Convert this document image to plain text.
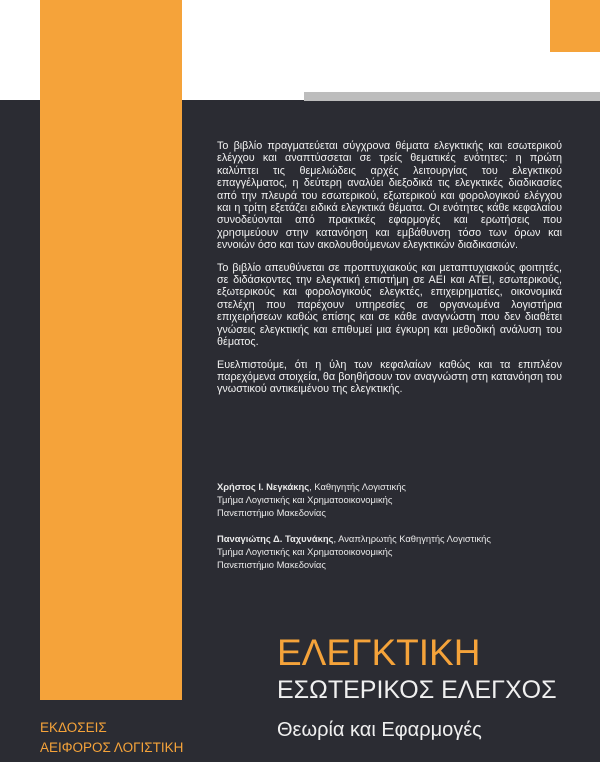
Το βιβλίο πραγματεύεται σύγχρονα θέματα ελεγκτικής και εσωτερικού ελέγχου και αναπτύσσεται σε τρείς θεματικές ενότητες: η πρώτη καλύπτει τις θεμελιώδεις αρχές λειτουργίας του ελεγκτικού επαγγέλματος, η δεύτερη αναλύει διεξοδικά τις ελεγκτικές διαδικασίες από την πλευρά του εσωτερικού, εξωτερικού και φορολογικού ελέγχου και η τρίτη εξετάζει ειδικά ελεγκτικά θέματα. Οι ενότητες κάθε κεφαλαίου συνοδεύονται από πρακτικές εφαρμογές και ερωτήσεις που χρησιμεύουν στην κατανόηση και εμβάθυνση τόσο των όρων και εννοιών όσο και των ακολουθούμενων ελεγκτικών διαδικασιών.

Το βιβλίο απευθύνεται σε προπτυχιακούς και μεταπτυχιακούς φοιτητές, σε διδάσκοντες την ελεγκτική επιστήμη σε ΑΕΙ και ΑΤΕΙ, εσωτερικούς, εξωτερικούς και φορολογικούς ελεγκτές, επιχειρηματίες, οικονομικά στελέχη που παρέχουν υπηρεσίες σε οργανωμένα λογιστήρια επιχειρήσεων καθώς επίσης και σε κάθε αναγνώστη που δεν διαθέτει γνώσεις ελεγκτικής και επιθυμεί μια έγκυρη και μεθοδική ανάλυση του θέματος.

Ευελπιστούμε, ότι η ύλη των κεφαλαίων καθώς και τα επιπλέον παρεχόμενα στοιχεία, θα βοηθήσουν τον αναγνώστη στη κατανόηση του γνωστικού αντικειμένου της ελεγκτικής.

Χρήστος Ι. Νεγκάκης, Καθηγητής Λογιστικής
Τμήμα Λογιστικής και Χρηματοοικονομικής
Πανεπιστήμιο Μακεδονίας
Παναγιώτης Δ. Ταχυνάκης, Αναπληρωτής Καθηγητής Λογιστικής
Τμήμα Λογιστικής και Χρηματοοικονομικής
Πανεπιστήμιο Μακεδονίας
ΕΛΕΓΚΤΙΚΗ
ΕΣΩΤΕΡΙΚΟΣ ΕΛΕΓΧΟΣ
Θεωρία και Εφαρμογές
ΕΚΔΟΣΕΙΣ
ΑΕΙΦΟΡΟΣ ΛΟΓΙΣΤΙΚΗ
